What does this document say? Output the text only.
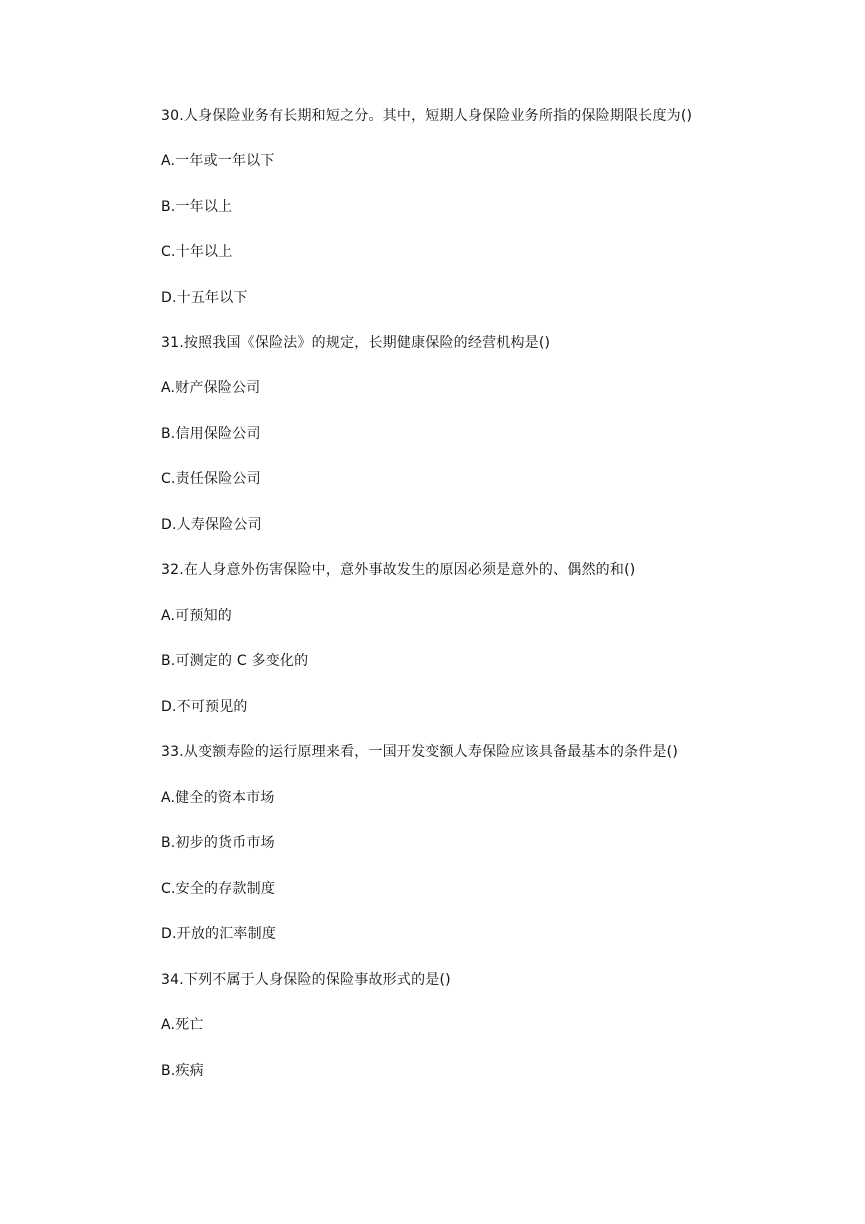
30.人身保险业务有长期和短之分。其中，短期人身保险业务所指的保险期限长度为()
A.一年或一年以下
B.一年以上
C.十年以上
D.十五年以下
31.按照我国《保险法》的规定，长期健康保险的经营机构是()
A.财产保险公司
B.信用保险公司
C.责任保险公司
D.人寿保险公司
32.在人身意外伤害保险中，意外事故发生的原因必须是意外的、偶然的和()
A.可预知的
B.可测定的 C 多变化的
D.不可预见的
33.从变额寿险的运行原理来看，一国开发变额人寿保险应该具备最基本的条件是()
A.健全的资本市场
B.初步的货币市场
C.安全的存款制度
D.开放的汇率制度
34.下列不属于人身保险的保险事故形式的是()
A.死亡
B.疾病
